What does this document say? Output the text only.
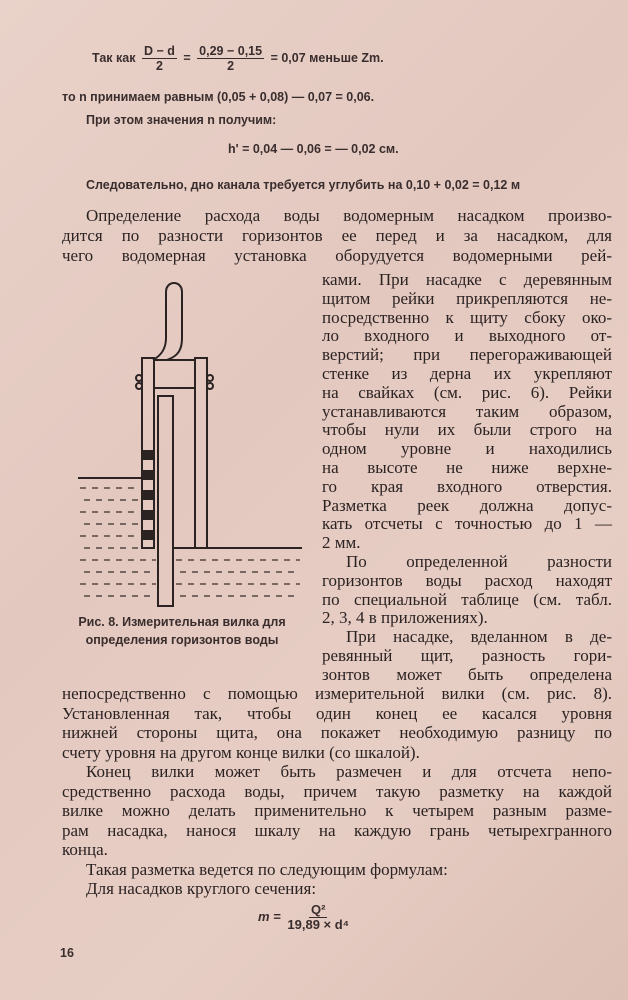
Так как $\frac{D - d}{2} = \frac{0,29 - 0,15}{2} = 0,07$ меньше Zm.
то n принимаем равным (0,05 + 0,08) — 0,07 = 0,06.
При этом значения n получим:
h' = 0,04 — 0,06 = — 0,02 см.
Следовательно, дно канала требуется углубить на 0,10 + 0,02 = 0,12 м
Определение расхода воды водомерным насадком произво-
дится по разности горизонтов ее перед и за насадком, для
чего водомерная установка оборудуется водомерными рей-
ками. При насадке с деревянным
щитом рейки прикрепляются не-
посредственно к щиту сбоку око-
ло входного и выходного от-
верстий; при перегораживающей
стенке из дерна их укрепляют
на свайках (см. рис. 6). Рейки
устанавливаются таким образом,
чтобы нули их были строго на
одном уровне и находились
на высоте не ниже верхне-
го края входного отверстия.
Разметка реек должна допус-
кать отсчеты с точностью до 1 —
2 мм.
По определенной разности
горизонтов воды расход находят
по специальной таблице (см. табл.
2, 3, 4 в приложениях).
При насадке, вделанном в де-
ревянный щит, разность гори-
зонтов может быть определена
непосредственно с помощью измерительной вилки (см. рис. 8).
Установленная так, чтобы один конец ее касался уровня
нижней стороны щита, она покажет необходимую разницу по
счету уровня на другом конце вилки (со шкалой).
Конец вилки может быть размечен и для отсчета непо-
средственно расхода воды, причем такую разметку на каждой
вилке можно делать применительно к четырем разным разме-
рам насадка, нанося шкалу на каждую грань четырехгранного
конца.
Такая разметка ведется по следующим формулам:
Для насадков круглого сечения:
Рис. 8. Измерительная вилка для
определения горизонтов воды
$m = \frac{\text{Q²}}{\text{19,89 × d⁴}}$
16
